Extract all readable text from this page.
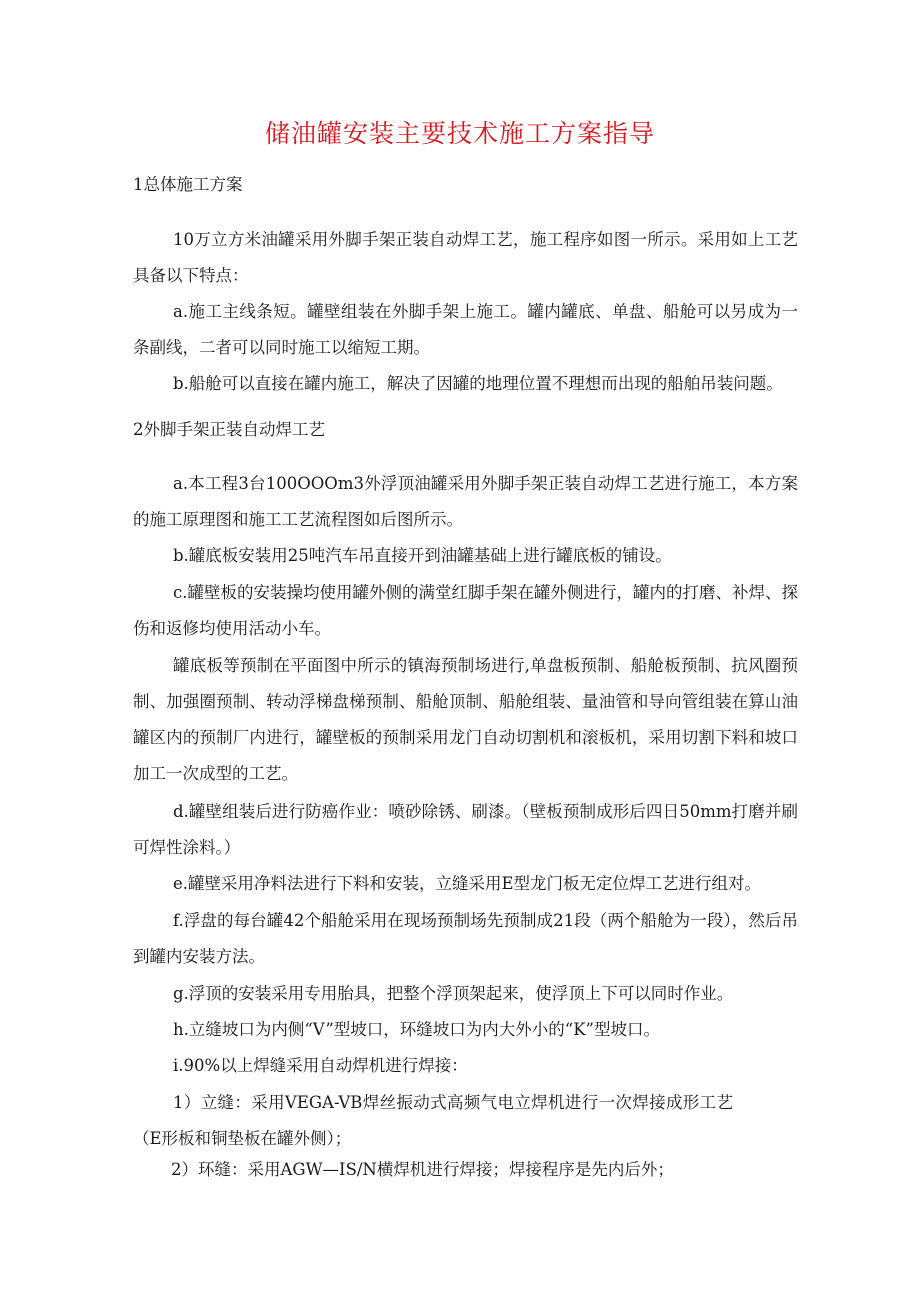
储油罐安装主要技术施工方案指导
1总体施工方案

10万立方米油罐采用外脚手架正装自动焊工艺，施工程序如图一所示。采用如上工艺具备以下特点：

a.施工主线条短。罐壁组装在外脚手架上施工。罐内罐底、单盘、船舱可以另成为一条副线，二者可以同时施工以缩短工期。

b.船舱可以直接在罐内施工，解决了因罐的地理位置不理想而出现的船舶吊装问题。

2外脚手架正装自动焊工艺

a.本工程3台100OOOm3外浮顶油罐采用外脚手架正装自动焊工艺进行施工，本方案的施工原理图和施工工艺流程图如后图所示。

b.罐底板安装用25吨汽车吊直接开到油罐基础上进行罐底板的铺设。

c.罐壁板的安装操均使用罐外侧的满堂红脚手架在罐外侧进行，罐内的打磨、补焊、探伤和返修均使用活动小车。

罐底板等预制在平面图中所示的镇海预制场进行,单盘板预制、船舱板预制、抗风圈预制、加强圈预制、转动浮梯盘梯预制、船舱顶制、船舱组装、量油管和导向管组装在算山油罐区内的预制厂内进行，罐壁板的预制采用龙门自动切割机和滚板机，采用切割下料和坡口加工一次成型的工艺。

d.罐壁组装后进行防癌作业：喷砂除锈、刷漆。（壁板预制成形后四日50mm打磨并刷可焊性涂料。）

e.罐壁采用净料法进行下料和安装，立缝采用E型龙门板无定位焊工艺进行组对。

f.浮盘的每台罐42个船舱采用在现场预制场先预制成21段（两个船舱为一段），然后吊到罐内安装方法。

g.浮顶的安装采用专用胎具，把整个浮顶架起来，使浮顶上下可以同时作业。

h.立缝坡口为内侧“V”型坡口，环缝坡口为内大外小的“K”型坡口。

i.90%以上焊缝采用自动焊机进行焊接：

1）立缝：采用VEGA-VB焊丝振动式高频气电立焊机进行一次焊接成形工艺（E形板和铜垫板在罐外侧）；

2）环缝：采用AGW—IS/N横焊机进行焊接；焊接程序是先内后外；
